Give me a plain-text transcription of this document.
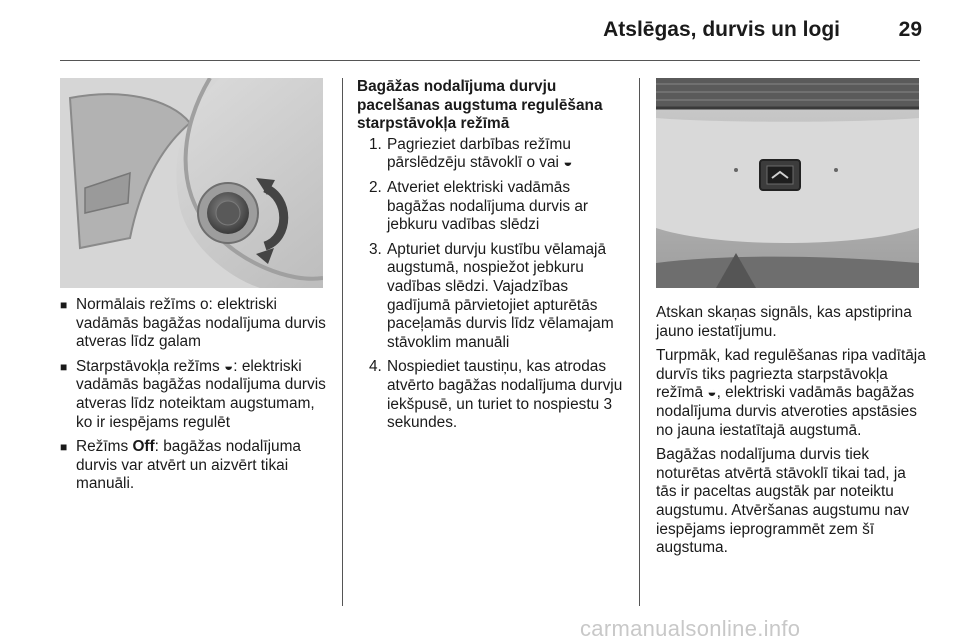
Atslēgas, durvis un logi	29
■ Normālais režīms o: elektriski vadāmās bagāžas nodalījuma durvis atveras līdz galam
■ Starpstāvokļa režīms ◒: elektriski vadāmās bagāžas nodalījuma durvis atveras līdz noteiktam augstumam, ko ir iespējams regulēt
■ Režīms Off: bagāžas nodalījuma durvis var atvērt un aizvērt tikai manuāli.
Bagāžas nodalījuma durvju pacelšanas augstuma regulēšana starpstāvokļa režīmā
1. Pagrieziet darbības režīmu pārslēdzēju stāvoklī o vai ◒
2. Atveriet elektriski vadāmās bagāžas nodalījuma durvis ar jebkuru vadības slēdzi
3. Apturiet durvju kustību vēlamajā augstumā, nospiežot jebkuru vadības slēdzi. Vajadzības gadījumā pārvietojiet apturētās paceļamās durvis līdz vēlamajam stāvoklim manuāli
4. Nospiediet taustiņu, kas atrodas atvērto bagāžas nodalījuma durvju iekšpusē, un turiet to nospiestu 3 sekundes.

Atskan skaņas signāls, kas apstiprina jauno iestatījumu.

Turpmāk, kad regulēšanas ripa vadītāja durvīs tiks pagriezta starpstāvokļa režīmā ◒, elektriski vadāmās bagāžas nodalījuma durvis atveroties apstāsies no jauna iestatītajā augstumā.

Bagāžas nodalījuma durvis tiek noturētas atvērtā stāvoklī tikai tad, ja tās ir paceltas augstāk par noteiktu augstumu. Atvēršanas augstumu nav iespējams ieprogrammēt zem šī augstuma.

carmanualsonline.info
